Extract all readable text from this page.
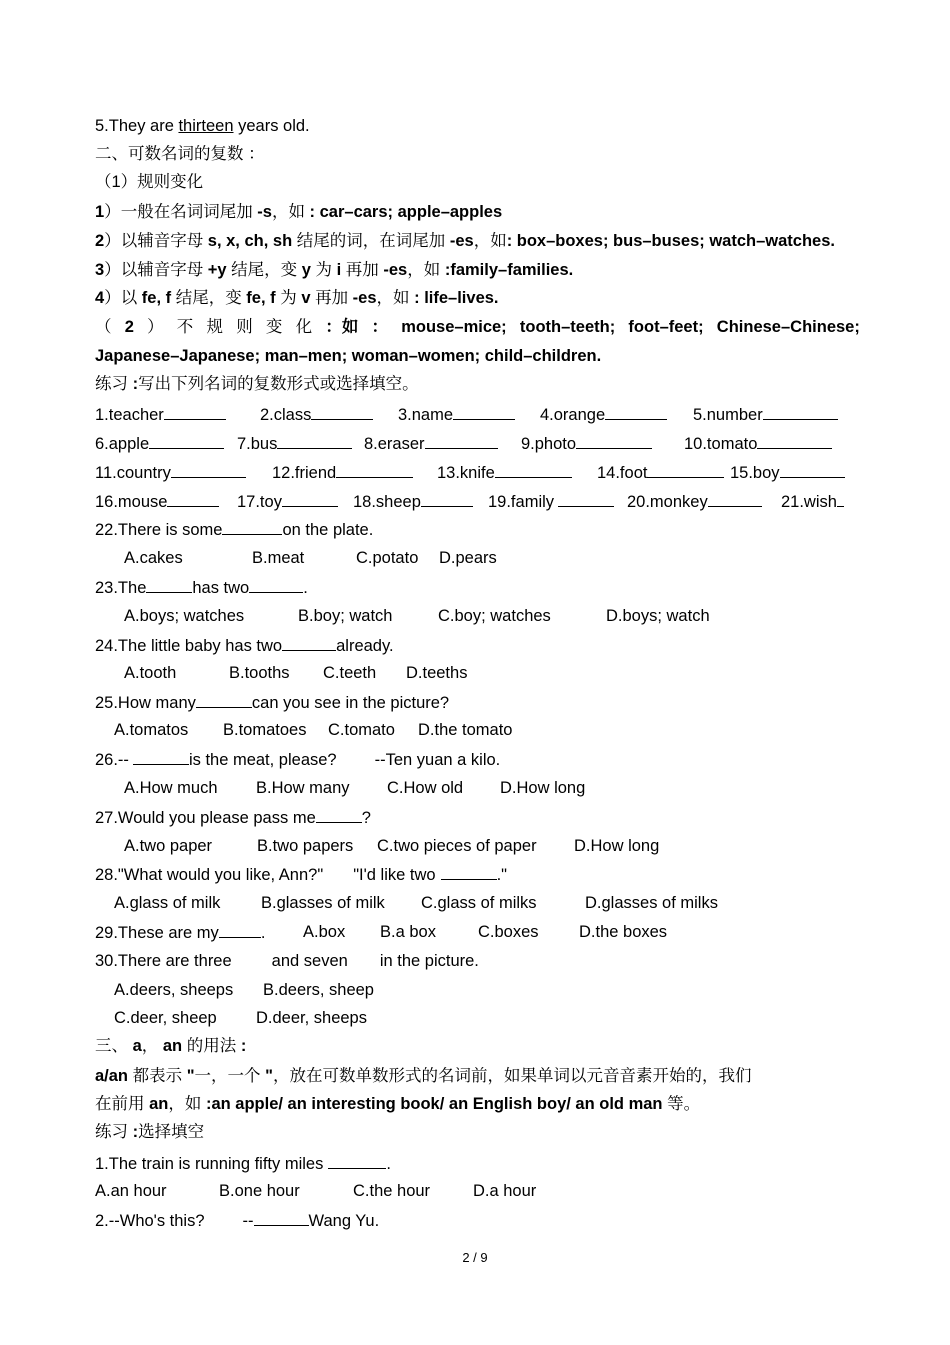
5.They are thirteen years old.
二、可数名词的复数 ：
（1）规则变化
1）一般在名词词尾加 -s，如 : car–cars; apple–apples
2）以辅音字母 s, x, ch, sh 结尾的词，在词尾加 -es，如: box–boxes; bus–buses; watch–watches.
3）以辅音字母 +y 结尾，变 y 为 i 再加 -es，如 :family–families.
4）以 fe, f 结尾，变 fe, f 为 v 再加 -es，如 : life–lives.
（ 2 ） 不 规 则 变 化 ：如 ： mouse–mice; tooth–teeth; foot–feet; Chinese–Chinese;
Japanese–Japanese; man–men; woman–women; child–children.
练习 :写出下列名词的复数形式或选择填空。
1.teacher	2.class	3.name	4.orange	5.number
6.apple	7.bus	8.eraser	9.photo	10.tomato
11.country	12.friend	13.knife	14.foot	15.boy
16.mouse	17.toy	18.sheep	19.family	20.monkey	21.wish
22.There is some	on the plate.
A.cakes	B.meat	C.potato D.pears
23.The	has two	.
A.boys; watches	B.boy; watch	C.boy; watches	D.boys; watch
24.The little baby has two	already.
A.tooth	B.tooths C.teeth D.teeths
25.How many	can you see in the picture?
A.tomatos B.tomatoes C.tomato D.the tomato
26.--	is the meat, please? --Ten yuan a kilo.
A.How much B.How many C.How old D.How long
27.Would you please pass me	?
A.two paper	B.two papers C.two pieces of paper D.How long
28."What would you like, Ann?" "I'd like two	."
A.glass of milk B.glasses of milk C.glass of milks	D.glasses of milks
29.These are my	. A.box B.a box	C.boxes D.the boxes
30.There are three and seven in the picture.
A.deers, sheeps B.deers, sheep
C.deer, sheep D.deer, sheeps
三、 a， an 的用法 :
a/an 都表示 "一，一个 "，放在可数单数形式的名词前，如果单词以元音音素开始的，我们
在前用 an，如 :an apple/ an interesting book/ an English boy/ an old man 等。
练习 :选择填空
1.The train is running fifty miles	.
A.an hour	B.one hour	C.the hour	D.a hour
2.--Who's this? --	Wang Yu.
2 / 9
